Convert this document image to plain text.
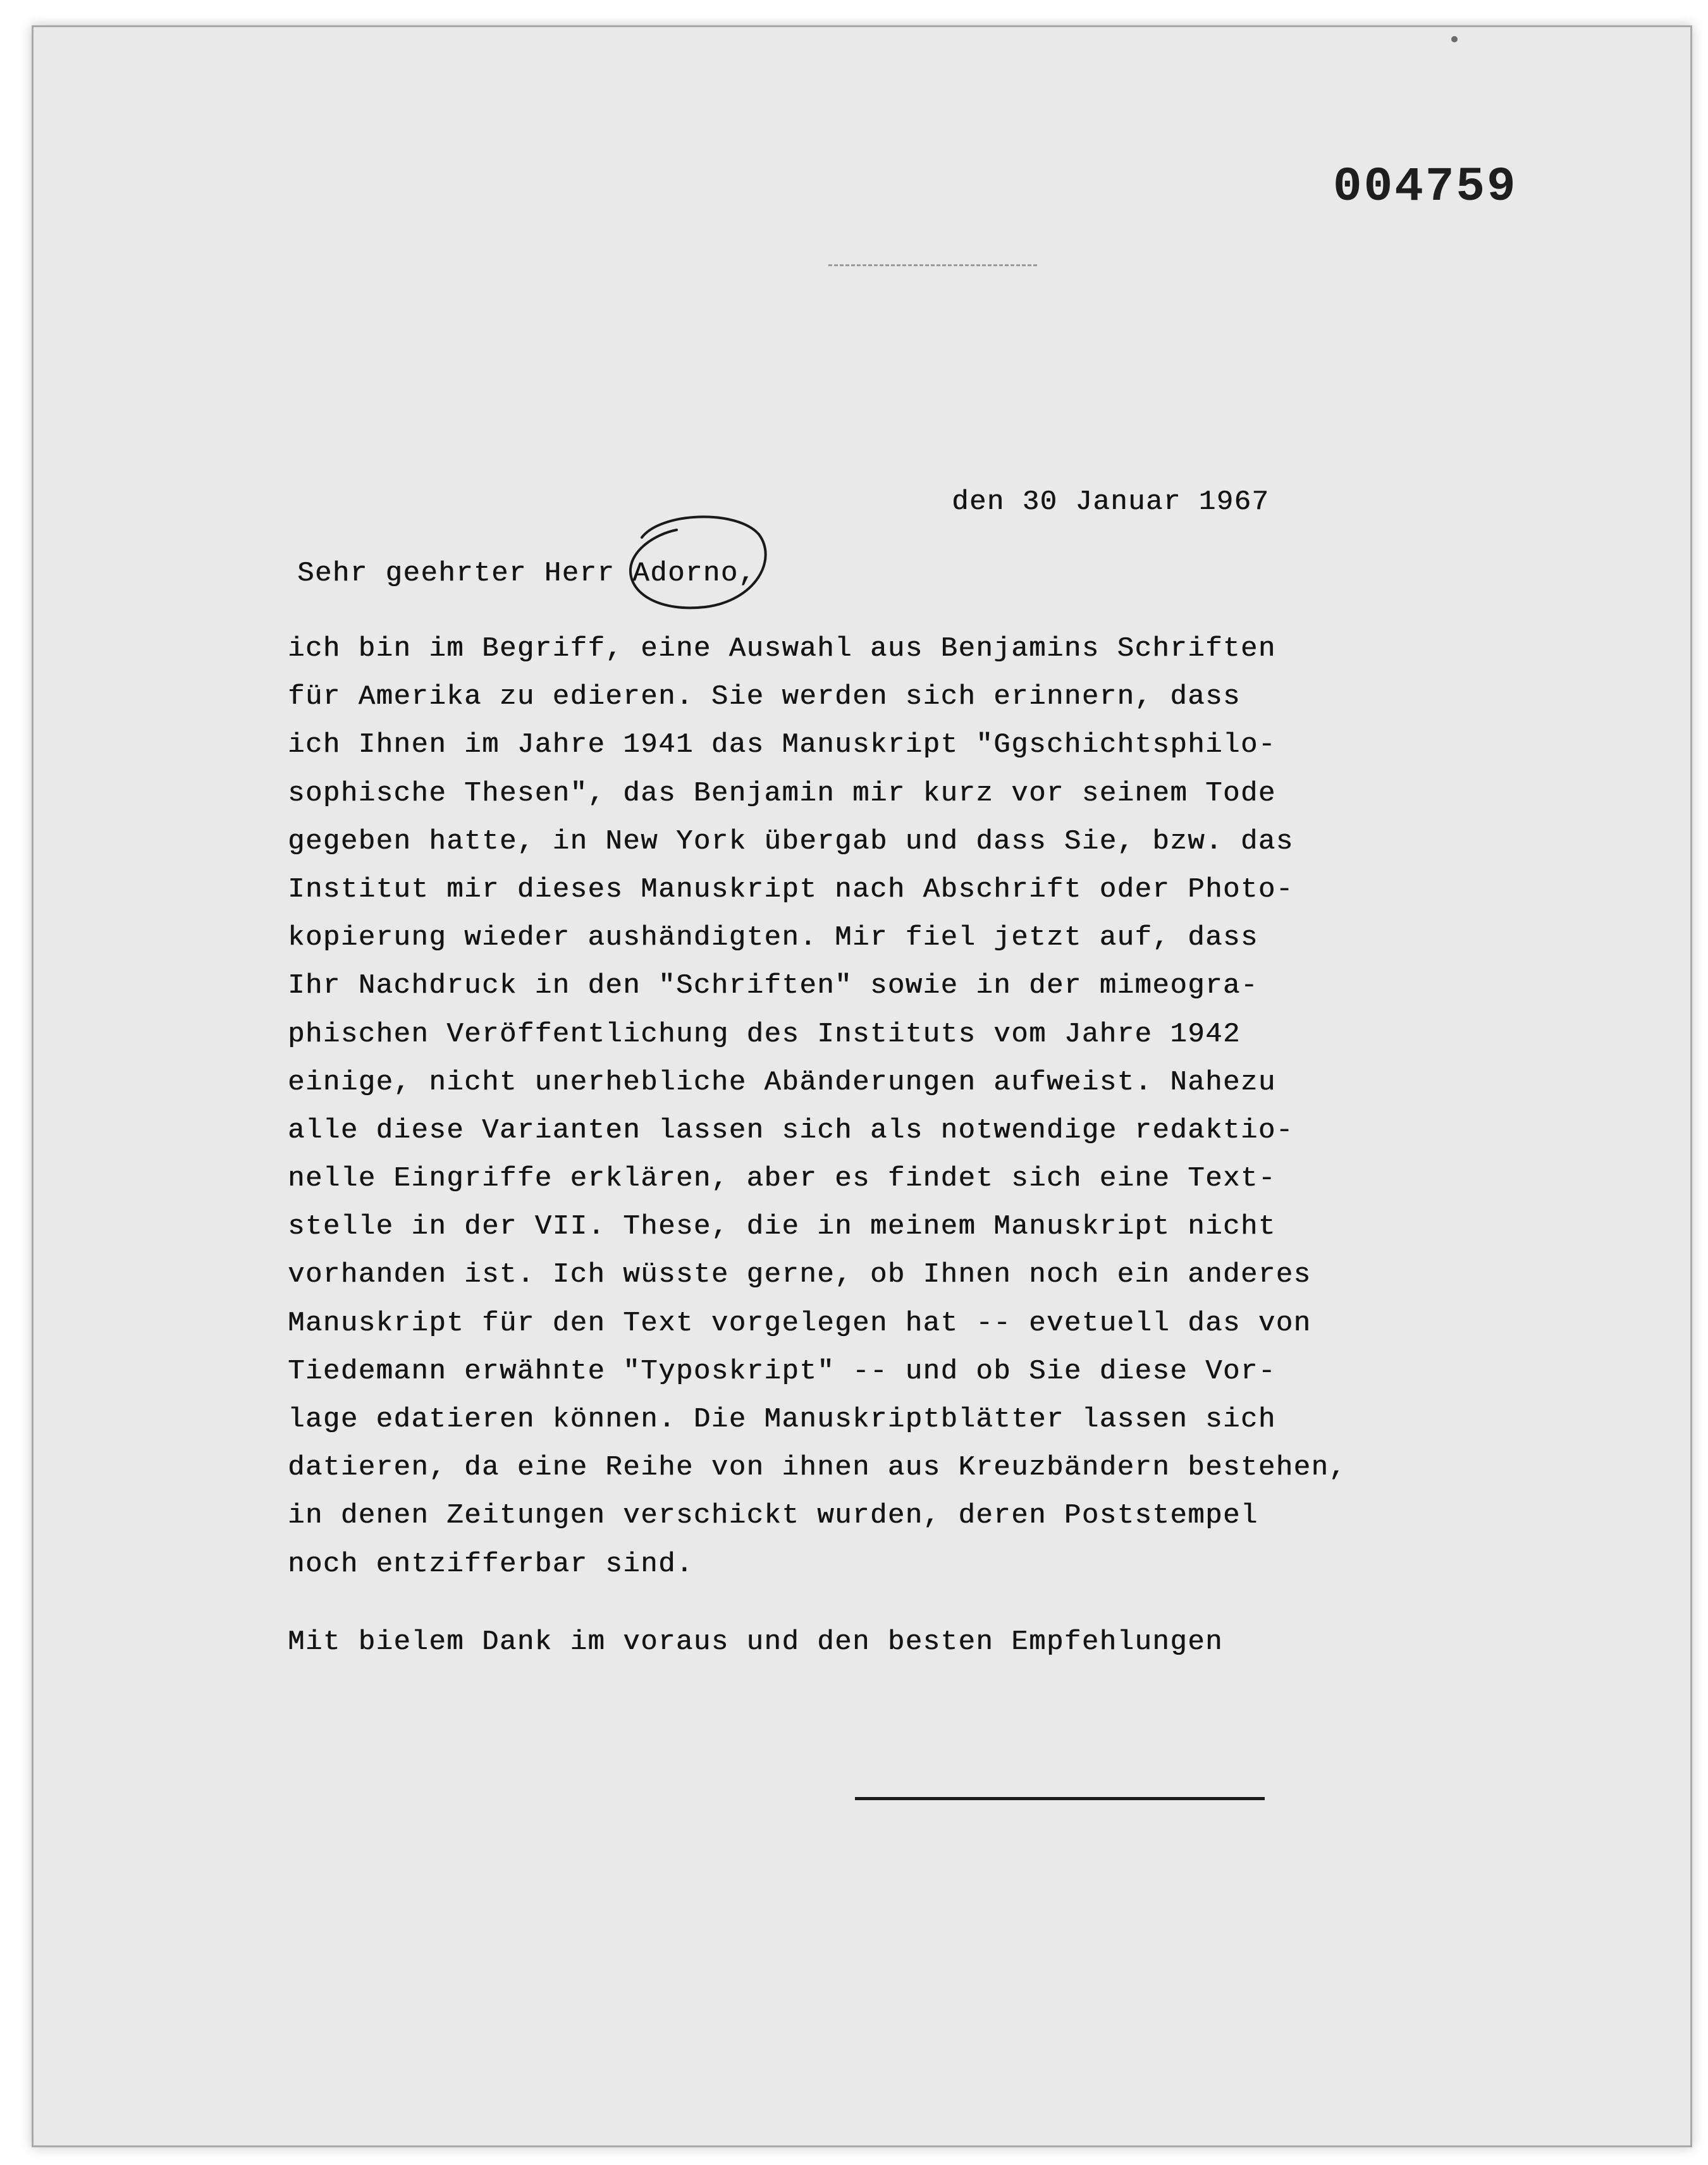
004759
den 30 Januar 1967
Sehr geehrter Herr Adorno,
ich bin im Begriff, eine Auswahl aus Benjamins Schriften
für Amerika zu edieren. Sie werden sich erinnern, dass
ich Ihnen im Jahre 1941 das Manuskript "Ggschichtsphilo-
sophische Thesen", das Benjamin mir kurz vor seinem Tode
gegeben hatte, in New York übergab und dass Sie, bzw. das
Institut mir dieses Manuskript nach Abschrift oder Photo-
kopierung wieder aushändigten. Mir fiel jetzt auf, dass
Ihr Nachdruck in den "Schriften" sowie in der mimeogra-
phischen Veröffentlichung des Instituts vom Jahre 1942
einige, nicht unerhebliche Abänderungen aufweist. Nahezu
alle diese Varianten lassen sich als notwendige redaktio-
nelle Eingriffe erklären, aber es findet sich eine Text-
stelle in der VII. These, die in meinem Manuskript nicht
vorhanden ist. Ich wüsste gerne, ob Ihnen noch ein anderes
Manuskript für den Text vorgelegen hat -- evetuell das von
Tiedemann erwähnte "Typoskript" -- und ob Sie diese Vor-
lage edatieren können. Die Manuskriptblätter lassen sich
datieren, da eine Reihe von ihnen aus Kreuzbändern bestehen,
in denen Zeitungen verschickt wurden, deren Poststempel
noch entzifferbar sind.
Mit bielem Dank im voraus und den besten Empfehlungen
